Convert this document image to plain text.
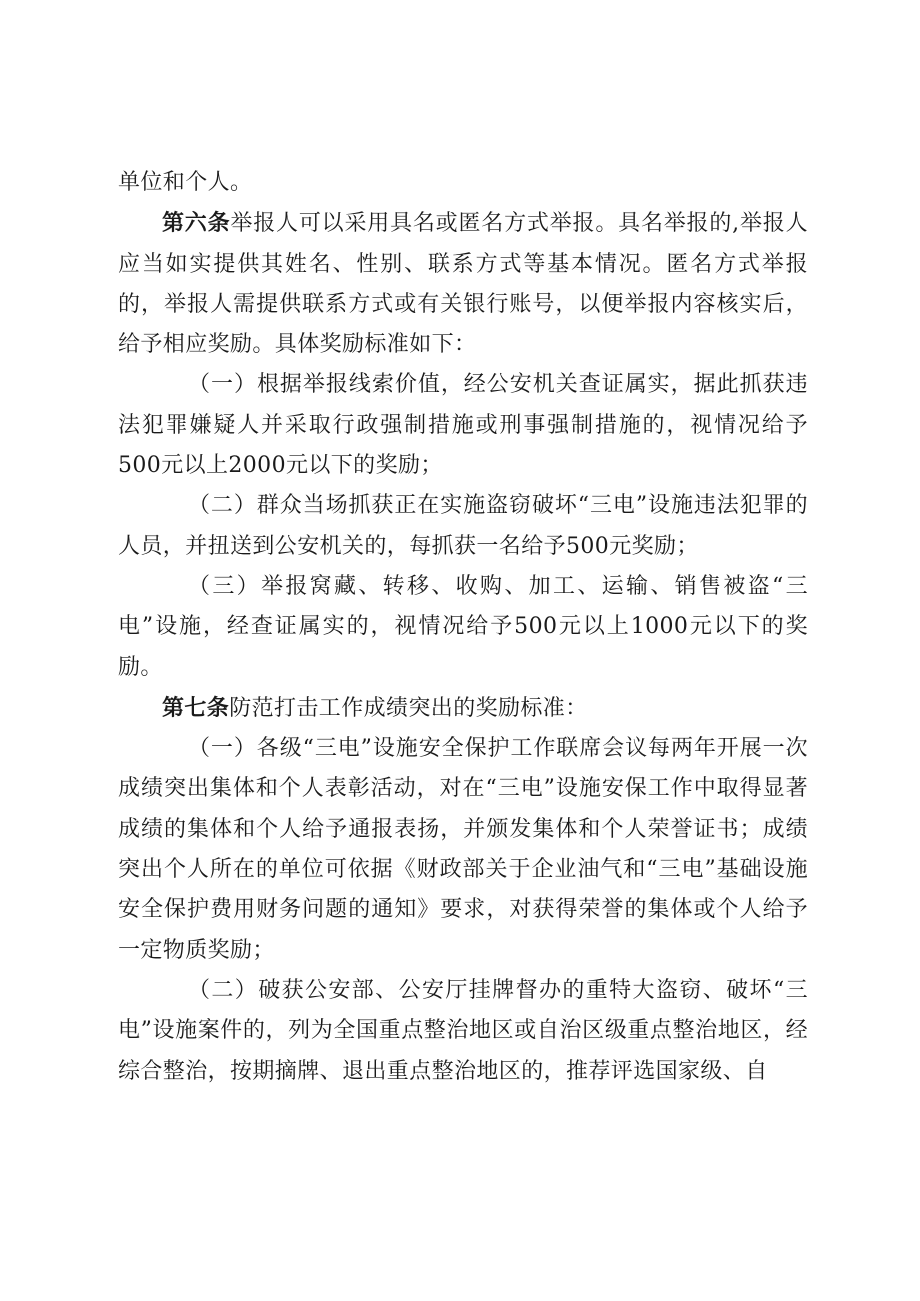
单位和个人。

第六条举报人可以采用具名或匿名方式举报。具名举报的,举报人应当如实提供其姓名、性别、联系方式等基本情况。匿名方式举报的，举报人需提供联系方式或有关银行账号，以便举报内容核实后，给予相应奖励。具体奖励标准如下：

（一）根据举报线索价值，经公安机关查证属实，据此抓获违法犯罪嫌疑人并采取行政强制措施或刑事强制措施的，视情况给予500元以上2000元以下的奖励；

（二）群众当场抓获正在实施盗窃破坏“三电”设施违法犯罪的人员，并扭送到公安机关的，每抓获一名给予500元奖励；

（三）举报窝藏、转移、收购、加工、运输、销售被盗“三电”设施，经查证属实的，视情况给予500元以上1000元以下的奖励。

第七条防范打击工作成绩突出的奖励标准：

（一）各级“三电”设施安全保护工作联席会议每两年开展一次成绩突出集体和个人表彰活动，对在“三电”设施安保工作中取得显著成绩的集体和个人给予通报表扬，并颁发集体和个人荣誉证书；成绩突出个人所在的单位可依据《财政部关于企业油气和“三电”基础设施安全保护费用财务问题的通知》要求，对获得荣誉的集体或个人给予一定物质奖励；

（二）破获公安部、公安厅挂牌督办的重特大盗窃、破坏“三电”设施案件的，列为全国重点整治地区或自治区级重点整治地区，经综合整治，按期摘牌、退出重点整治地区的，推荐评选国家级、自
